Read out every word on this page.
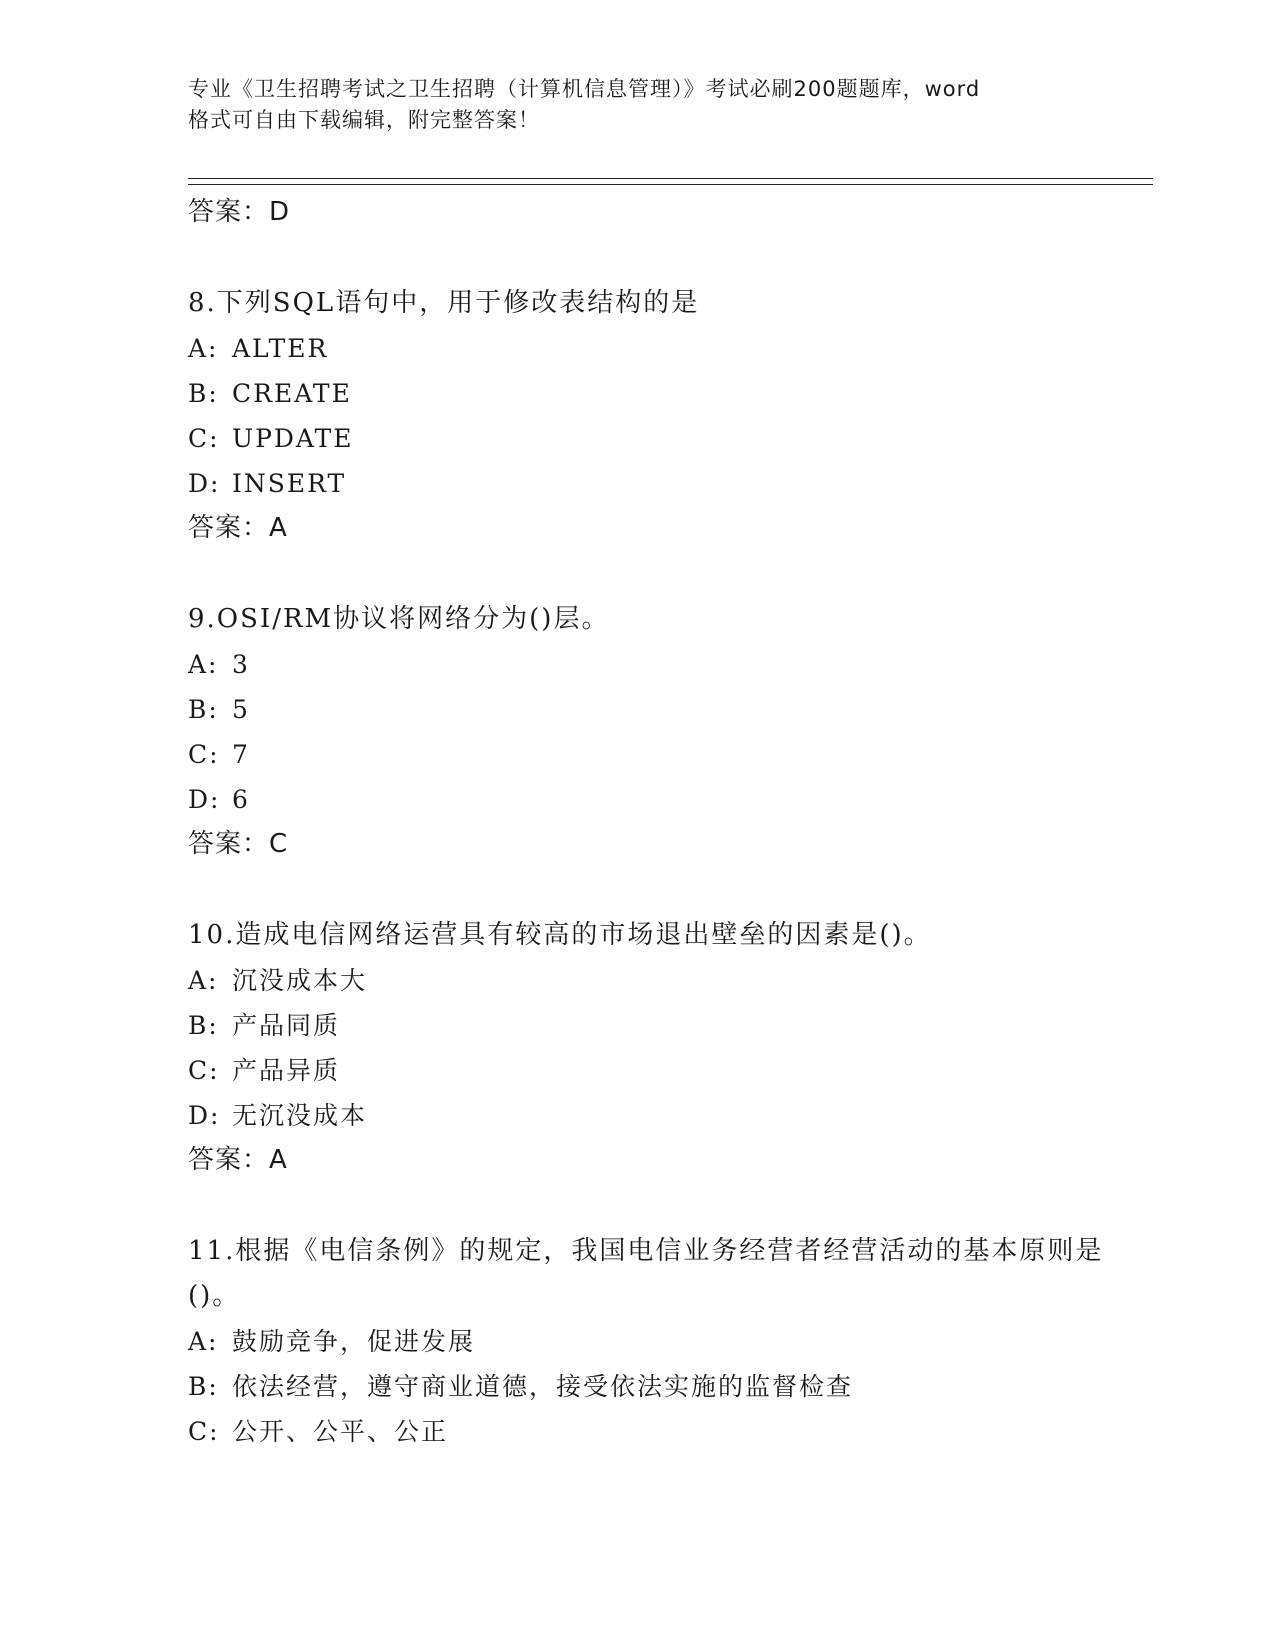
专业《卫生招聘考试之卫生招聘（计算机信息管理）》考试必刷200题题库，word
格式可自由下载编辑，附完整答案！
答案：D
8.下列SQL语句中，用于修改表结构的是
A: ALTER
B: CREATE
C: UPDATE
D: INSERT
答案：A
9.OSI/RM协议将网络分为()层。
A: 3
B: 5
C: 7
D: 6
答案：C
10.造成电信网络运营具有较高的市场退出壁垒的因素是()。
A: 沉没成本大
B: 产品同质
C: 产品异质
D: 无沉没成本
答案：A
11.根据《电信条例》的规定，我国电信业务经营者经营活动的基本原则是()。
A: 鼓励竞争，促进发展
B: 依法经营，遵守商业道德，接受依法实施的监督检查
C: 公开、公平、公正
